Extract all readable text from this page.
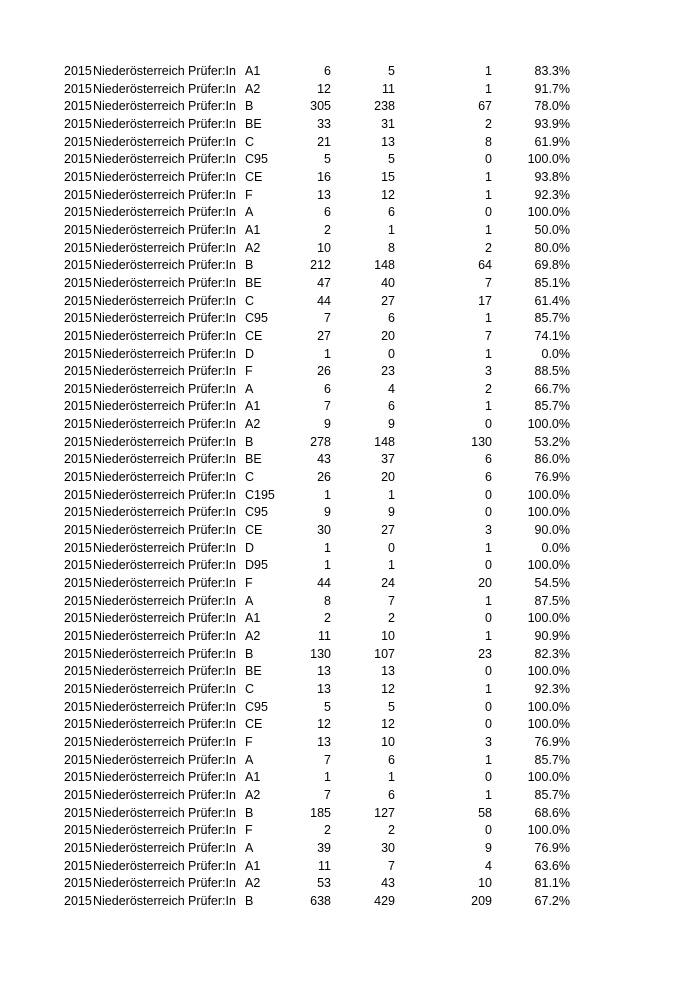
2015 Niederösterreich Prüfer:In A1	6	5	1	83.3%
2015 Niederösterreich Prüfer:In A2	12	11	1	91.7%
2015 Niederösterreich Prüfer:In B	305	238	67	78.0%
2015 Niederösterreich Prüfer:In BE	33	31	2	93.9%
2015 Niederösterreich Prüfer:In C	21	13	8	61.9%
2015 Niederösterreich Prüfer:In C95	5	5	0	100.0%
2015 Niederösterreich Prüfer:In CE	16	15	1	93.8%
2015 Niederösterreich Prüfer:In F	13	12	1	92.3%
2015 Niederösterreich Prüfer:In A	6	6	0	100.0%
2015 Niederösterreich Prüfer:In A1	2	1	1	50.0%
2015 Niederösterreich Prüfer:In A2	10	8	2	80.0%
2015 Niederösterreich Prüfer:In B	212	148	64	69.8%
2015 Niederösterreich Prüfer:In BE	47	40	7	85.1%
2015 Niederösterreich Prüfer:In C	44	27	17	61.4%
2015 Niederösterreich Prüfer:In C95	7	6	1	85.7%
2015 Niederösterreich Prüfer:In CE	27	20	7	74.1%
2015 Niederösterreich Prüfer:In D	1	0	1	0.0%
2015 Niederösterreich Prüfer:In F	26	23	3	88.5%
2015 Niederösterreich Prüfer:In A	6	4	2	66.7%
2015 Niederösterreich Prüfer:In A1	7	6	1	85.7%
2015 Niederösterreich Prüfer:In A2	9	9	0	100.0%
2015 Niederösterreich Prüfer:In B	278	148	130	53.2%
2015 Niederösterreich Prüfer:In BE	43	37	6	86.0%
2015 Niederösterreich Prüfer:In C	26	20	6	76.9%
2015 Niederösterreich Prüfer:In C195	1	1	0	100.0%
2015 Niederösterreich Prüfer:In C95	9	9	0	100.0%
2015 Niederösterreich Prüfer:In CE	30	27	3	90.0%
2015 Niederösterreich Prüfer:In D	1	0	1	0.0%
2015 Niederösterreich Prüfer:In D95	1	1	0	100.0%
2015 Niederösterreich Prüfer:In F	44	24	20	54.5%
2015 Niederösterreich Prüfer:In A	8	7	1	87.5%
2015 Niederösterreich Prüfer:In A1	2	2	0	100.0%
2015 Niederösterreich Prüfer:In A2	11	10	1	90.9%
2015 Niederösterreich Prüfer:In B	130	107	23	82.3%
2015 Niederösterreich Prüfer:In BE	13	13	0	100.0%
2015 Niederösterreich Prüfer:In C	13	12	1	92.3%
2015 Niederösterreich Prüfer:In C95	5	5	0	100.0%
2015 Niederösterreich Prüfer:In CE	12	12	0	100.0%
2015 Niederösterreich Prüfer:In F	13	10	3	76.9%
2015 Niederösterreich Prüfer:In A	7	6	1	85.7%
2015 Niederösterreich Prüfer:In A1	1	1	0	100.0%
2015 Niederösterreich Prüfer:In A2	7	6	1	85.7%
2015 Niederösterreich Prüfer:In B	185	127	58	68.6%
2015 Niederösterreich Prüfer:In F	2	2	0	100.0%
2015 Niederösterreich Prüfer:In A	39	30	9	76.9%
2015 Niederösterreich Prüfer:In A1	11	7	4	63.6%
2015 Niederösterreich Prüfer:In A2	53	43	10	81.1%
2015 Niederösterreich Prüfer:In B	638	429	209	67.2%
